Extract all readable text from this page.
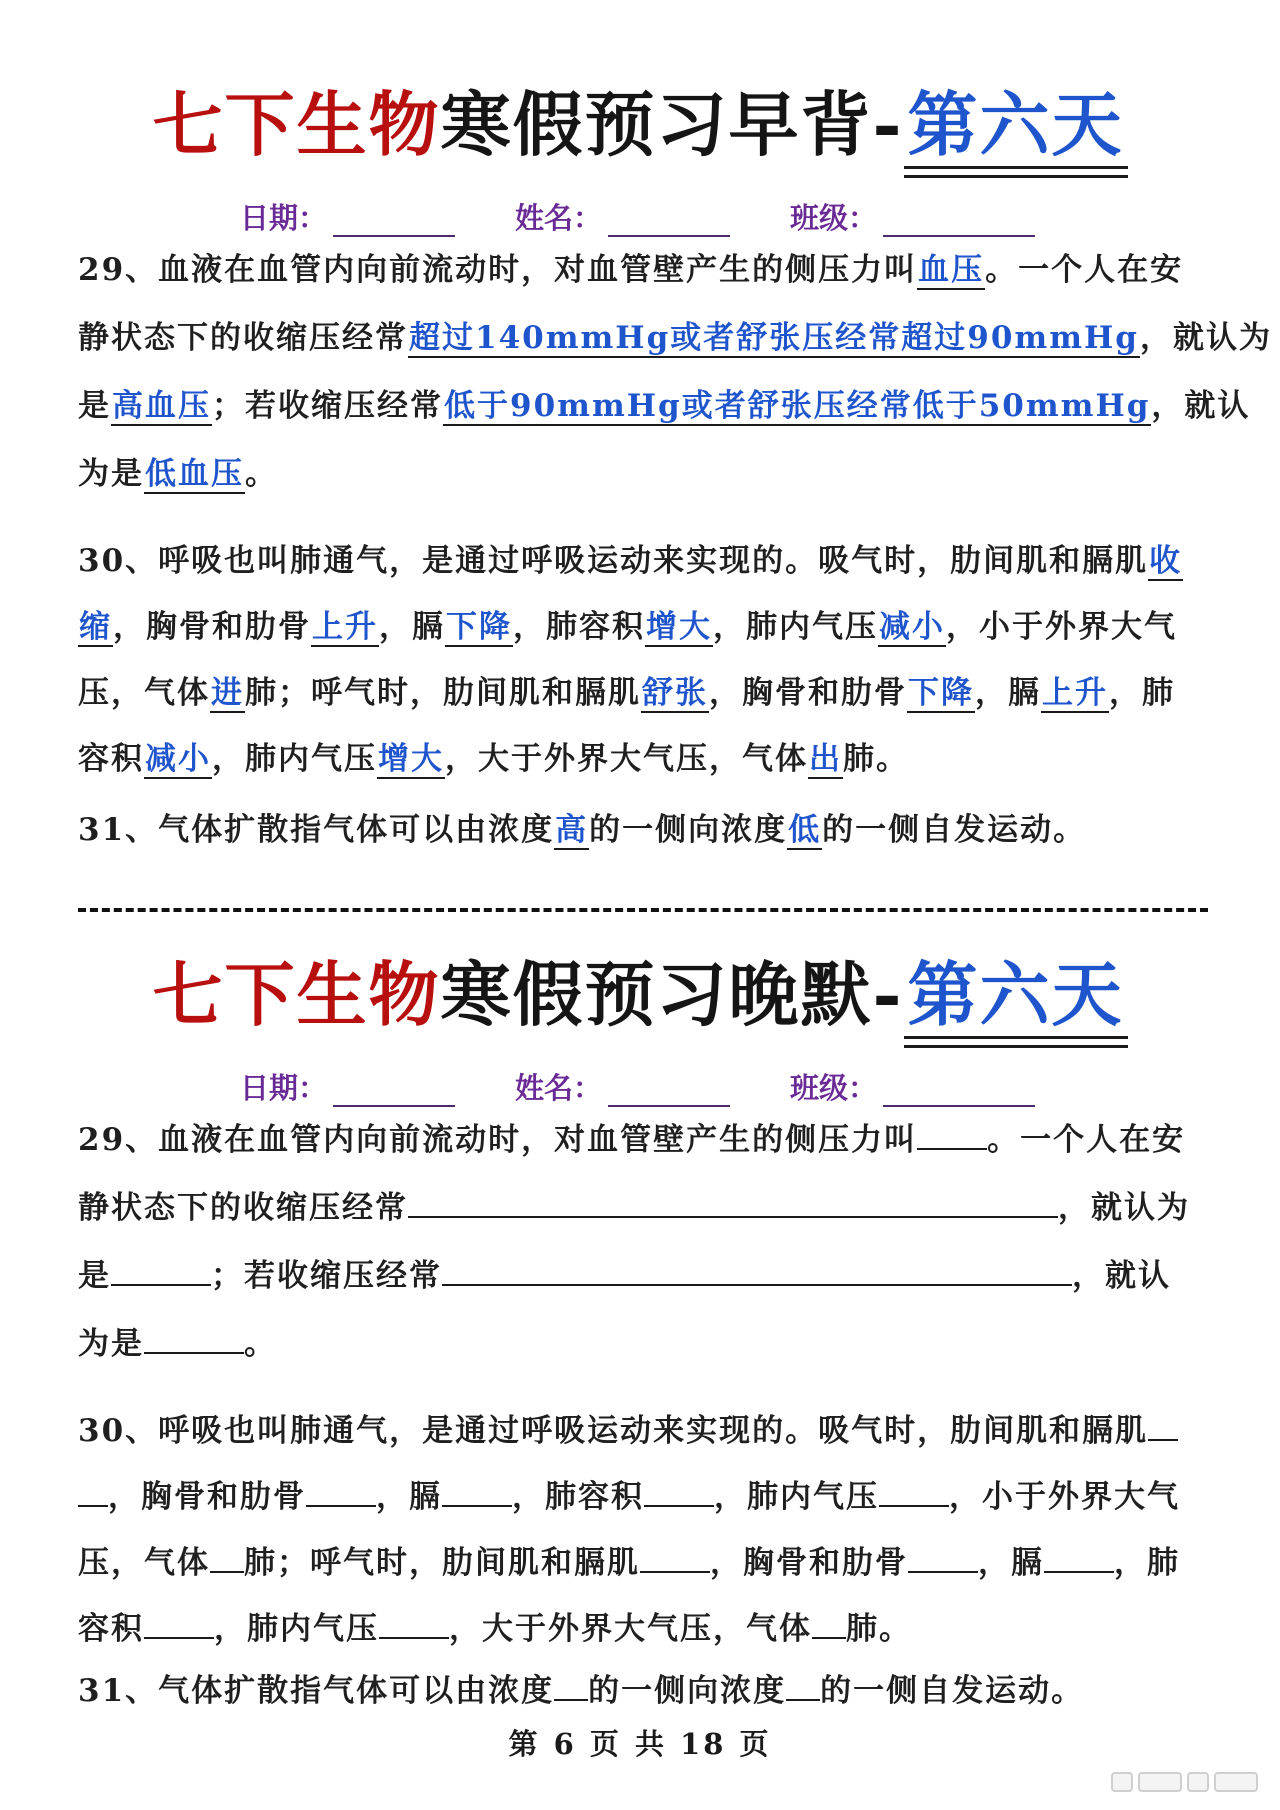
七下生物寒假预习早背-第六天
日期：	姓名：	班级：
29、血液在血管内向前流动时，对血管壁产生的侧压力叫血压。一个人在安
静状态下的收缩压经常超过140mmHg或者舒张压经常超过90mmHg，就认为
是高血压；若收缩压经常低于90mmHg或者舒张压经常低于50mmHg，就认
为是低血压。
30、呼吸也叫肺通气，是通过呼吸运动来实现的。吸气时，肋间肌和膈肌收
缩，胸骨和肋骨上升，膈下降，肺容积增大，肺内气压减小，小于外界大气
压，气体进肺；呼气时，肋间肌和膈肌舒张，胸骨和肋骨下降，膈上升，肺
容积减小，肺内气压增大，大于外界大气压，气体出肺。
31、气体扩散指气体可以由浓度高的一侧向浓度低的一侧自发运动。
七下生物寒假预习晚默-第六天
日期：	姓名：	班级：
29、血液在血管内向前流动时，对血管壁产生的侧压力叫 。一个人在安
静状态下的收缩压经常	，就认为
是	；若收缩压经常	，就认
为是	。
30、呼吸也叫肺通气，是通过呼吸运动来实现的。吸气时，肋间肌和膈肌
，胸骨和肋骨 ，膈 ，肺容积 ，肺内气压 ，小于外界大气
压，气体 肺；呼气时，肋间肌和膈肌 ，胸骨和肋骨 ，膈 ，肺
容积 ，肺内气压 ，大于外界大气压，气体 肺。
31、气体扩散指气体可以由浓度 的一侧向浓度 的一侧自发运动。
第 6 页 共 18 页
